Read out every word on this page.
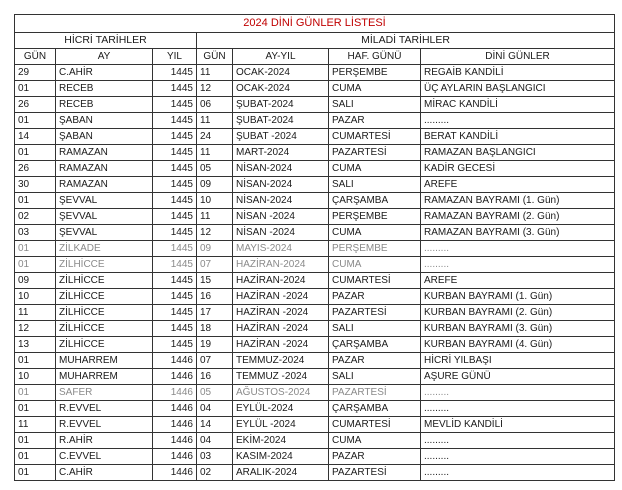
2024 DİNİ GÜNLER LİSTESİ						
HİCRİ TARİHLER			MİLADİ TARİHLER			
GÜN	AY	YIL	GÜN	AY-YIL	HAF. GÜNÜ	DİNİ GÜNLER
29	C.AHİR	1445	11	OCAK-2024	PERŞEMBE	REGAİB KANDİLİ
01	RECEB	1445	12	OCAK-2024	CUMA	ÜÇ AYLARIN BAŞLANGICI
26	RECEB	1445	06	ŞUBAT-2024	SALI	MİRAC KANDİLİ
01	ŞABAN	1445	11	ŞUBAT-2024	PAZAR	.........
14	ŞABAN	1445	24	ŞUBAT -2024	CUMARTESİ	BERAT KANDİLİ
01	RAMAZAN	1445	11	MART-2024	PAZARTESİ	RAMAZAN BAŞLANGICI
26	RAMAZAN	1445	05	NİSAN-2024	CUMA	KADİR GECESİ
30	RAMAZAN	1445	09	NİSAN-2024	SALI	AREFE
01	ŞEVVAL	1445	10	NİSAN-2024	ÇARŞAMBA	RAMAZAN BAYRAMI (1. Gün)
02	ŞEVVAL	1445	11	NİSAN -2024	PERŞEMBE	RAMAZAN BAYRAMI (2. Gün)
03	ŞEVVAL	1445	12	NİSAN -2024	CUMA	RAMAZAN BAYRAMI (3. Gün)
01	ZİLKADE	1445	09	MAYIS-2024	PERŞEMBE	.........
01	ZİLHİCCE	1445	07	HAZİRAN-2024	CUMA	.........
09	ZİLHİCCE	1445	15	HAZİRAN-2024	CUMARTESİ	AREFE
10	ZİLHİCCE	1445	16	HAZİRAN -2024	PAZAR	KURBAN BAYRAMI (1. Gün)
11	ZİLHİCCE	1445	17	HAZİRAN -2024	PAZARTESİ	KURBAN BAYRAMI (2. Gün)
12	ZİLHİCCE	1445	18	HAZİRAN -2024	SALI	KURBAN BAYRAMI (3. Gün)
13	ZİLHİCCE	1445	19	HAZİRAN -2024	ÇARŞAMBA	KURBAN BAYRAMI (4. Gün)
01	MUHARREM	1446	07	TEMMUZ-2024	PAZAR	HİCRİ YILBAŞI
10	MUHARREM	1446	16	TEMMUZ -2024	SALI	AŞURE GÜNÜ
01	SAFER	1446	05	AĞUSTOS-2024	PAZARTESİ	.........
01	R.EVVEL	1446	04	EYLÜL-2024	ÇARŞAMBA	.........
11	R.EVVEL	1446	14	EYLÜL -2024	CUMARTESİ	MEVLİD KANDİLİ
01	R.AHİR	1446	04	EKİM-2024	CUMA	.........
01	C.EVVEL	1446	03	KASIM-2024	PAZAR	.........
01	C.AHİR	1446	02	ARALIK-2024	PAZARTESİ	.........
